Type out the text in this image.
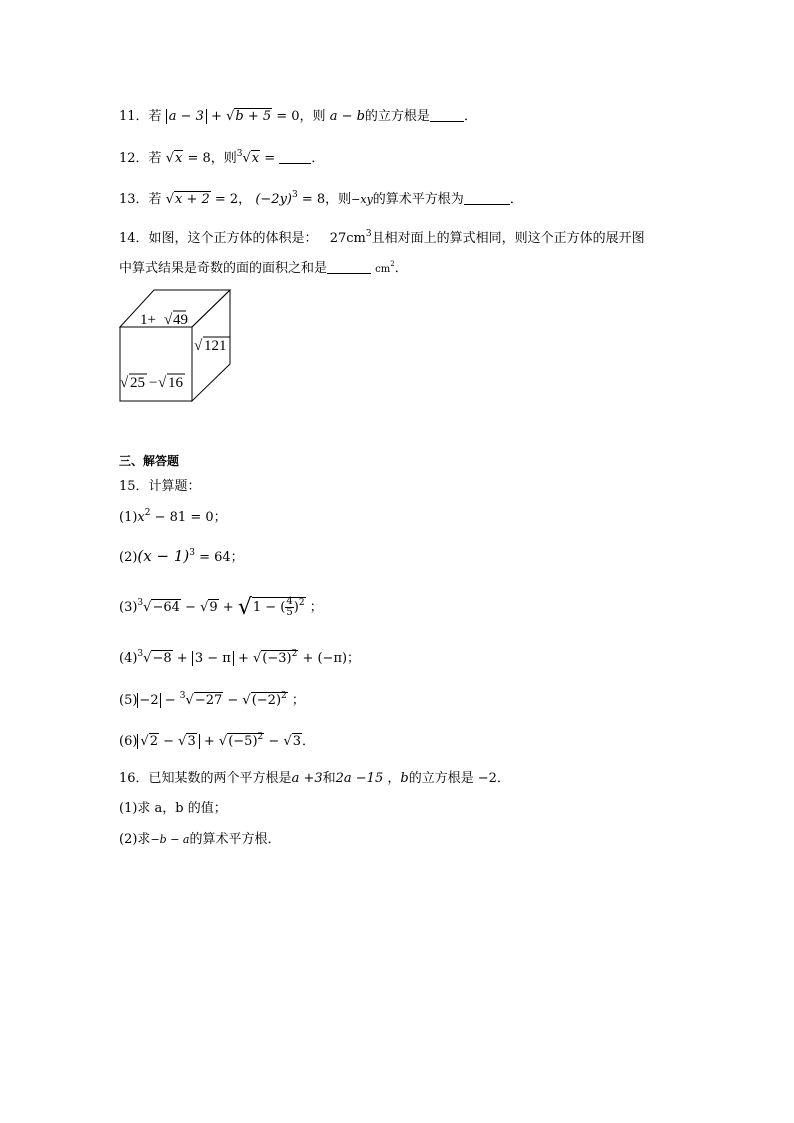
11．若 a − 3 + √b + 5 = 0，则 a − b的立方根是	．
12．若 √x = 8，则$^3$√x =	．
13．若 √x + 2 = 2， $(-2y)^3 = 8$，则−xy的算术平方根为	．
14．如图，这个正方体的体积是： $27cm^3$且相对面上的算式相同，则这个正方体的展开图
中算式结果是奇数的面的面积之和是	$cm^2$．
1+ √ 49
√ 121
√ 25 − √ 16
三、解答题
15．计算题：
$(1)x^2 - 81 = 0$；
$(2)(x - 1)^3 = 64$；
$(3)^3√-64 - √9 + √1$ − ( $\frac{4}{5} )^2$ ；
$(4)^3√-8 + 3 - \pi + √(-3)^2 + (-\pi)$；
$(5) -2 - ^3√-27 - √(-2)^2$ ；
(6) $√2 - √3 + √(-5)^2 - √3$．
16．已知某数的两个平方根是a +3和2a −15 ，b的立方根是 −2．
(1)求 a，b 的值；
(2)求−b − a的算术平方根．
